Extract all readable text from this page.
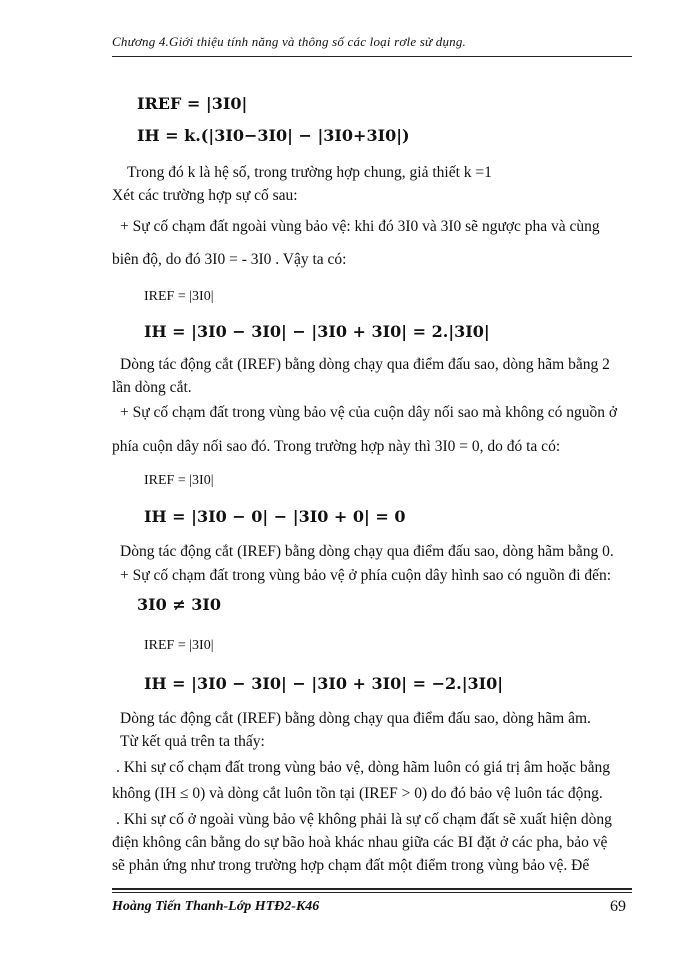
Chương 4.Giới thiệu tính năng và thông số các loại rơle sử dụng.
IREF = |3I0|
IH = k.(|3I0−3I0| − |3I0+3I0|)
Trong đó k là hệ số, trong trường hợp chung, giả thiết k =1
Xét các trường hợp sự cố sau:
+ Sự cố chạm đất ngoài vùng bảo vệ: khi đó 3I0 và 3I0 sẽ ngược pha và cùng
biên độ, do đó 3I0 = - 3I0 . Vậy ta có:
IREF = |3I0|
IH = |3I0 − 3I0| − |3I0 + 3I0| = 2.|3I0|
Dòng tác động cắt (IREF) bằng dòng chạy qua điểm đấu sao, dòng hãm bằng 2
lần dòng cắt.
+ Sự cố chạm đất trong vùng bảo vệ của cuộn dây nối sao mà không có nguồn ở
phía cuộn dây nối sao đó. Trong trường hợp này thì 3I0 = 0, do đó ta có:
IREF = |3I0|
IH = |3I0 − 0| − |3I0 + 0| = 0
Dòng tác động cắt (IREF) bằng dòng chạy qua điểm đấu sao, dòng hãm bằng 0.
+ Sự cố chạm đất trong vùng bảo vệ ở phía cuộn dây hình sao có nguồn đi đến:
3I0 ≠ 3I0
IREF = |3I0|
IH = |3I0 − 3I0| − |3I0 + 3I0| = −2.|3I0|
Dòng tác động cắt (IREF) bằng dòng chạy qua điểm đấu sao, dòng hãm âm.
Từ kết quả trên ta thấy:
. Khi sự cố chạm đất trong vùng bảo vệ, dòng hãm luôn có giá trị âm hoặc bằng
không (IH ≤ 0) và dòng cắt luôn tồn tại (IREF > 0) do đó bảo vệ luôn tác động.
. Khi sự cố ở ngoài vùng bảo vệ không phải là sự cố chạm đất sẽ xuất hiện dòng
điện không cân bằng do sự bão hoà khác nhau giữa các BI đặt ở các pha, bảo vệ
sẽ phản ứng như trong trường hợp chạm đất một điểm trong vùng bảo vệ. Để
Hoàng Tiến Thanh-Lớp HTĐ2-K46	69
